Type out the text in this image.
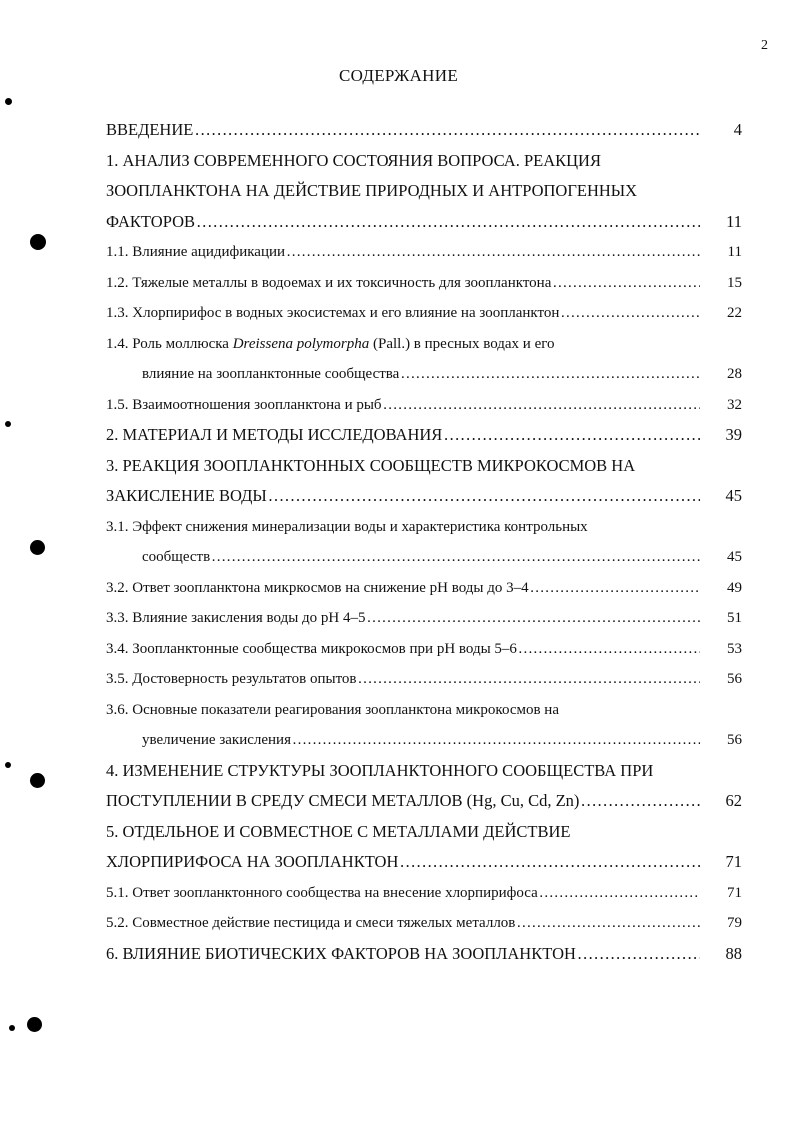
2
СОДЕРЖАНИЕ
ВВЕДЕНИЕ ……………………………………………………………………………………………………………………………………	4
1. АНАЛИЗ СОВРЕМЕННОГО СОСТОЯНИЯ ВОПРОСА. РЕАКЦИЯ
ЗООПЛАНКТОНА НА ДЕЙСТВИЕ ПРИРОДНЫХ И АНТРОПОГЕННЫХ
ФАКТОРОВ ……………………………………………………………………………………………………………………………………	11
1.1. Влияние ацидификации ……………………………………………………………………………………………………………………………………	11
1.2. Тяжелые металлы в водоемах и их токсичность для зоопланктона ……………………………………………………………………………………………………………………………………	15
1.3. Хлорпирифос в водных экосистемах и его влияние на зоопланктон ……………………………………………………………………………………………………………………………………	22
1.4. Роль моллюска Dreissena polymorpha (Pall.) в пресных водах и его
влияние на зоопланктонные сообщества ……………………………………………………………………………………………………………………………………	28
1.5. Взаимоотношения зоопланктона и рыб ……………………………………………………………………………………………………………………………………	32
2. МАТЕРИАЛ И МЕТОДЫ ИССЛЕДОВАНИЯ ……………………………………………………………………………………………………………………………………	39
3. РЕАКЦИЯ ЗООПЛАНКТОННЫХ СООБЩЕСТВ МИКРОКОСМОВ НА
ЗАКИСЛЕНИЕ ВОДЫ ……………………………………………………………………………………………………………………………………	45
3.1. Эффект снижения минерализации воды и характеристика контрольных
сообществ ……………………………………………………………………………………………………………………………………	45
3.2. Ответ зоопланктона микркосмов на снижение pH воды до 3–4 ……………………………………………………………………………………………………………………………………	49
3.3. Влияние закисления воды до pH 4–5 ……………………………………………………………………………………………………………………………………	51
3.4. Зоопланктонные сообщества микрокосмов при pH воды 5–6 ……………………………………………………………………………………………………………………………………	53
3.5. Достоверность результатов опытов ……………………………………………………………………………………………………………………………………	56
3.6. Основные показатели реагирования зоопланктона микрокосмов на
увеличение закисления ……………………………………………………………………………………………………………………………………	56
4. ИЗМЕНЕНИЕ СТРУКТУРЫ ЗООПЛАНКТОННОГО СООБЩЕСТВА ПРИ
ПОСТУПЛЕНИИ В СРЕДУ СМЕСИ МЕТАЛЛОВ (Hg, Cu, Cd, Zn) ……………………………………………………………………………………………………………………………………	62
5. ОТДЕЛЬНОЕ И СОВМЕСТНОЕ С МЕТАЛЛАМИ ДЕЙСТВИЕ
ХЛОРПИРИФОСА НА ЗООПЛАНКТОН ……………………………………………………………………………………………………………………………………	71
5.1. Ответ зоопланктонного сообщества на внесение хлорпирифоса ……………………………………………………………………………………………………………………………………	71
5.2. Совместное действие пестицида и смеси тяжелых металлов ……………………………………………………………………………………………………………………………………	79
6. ВЛИЯНИЕ БИОТИЧЕСКИХ ФАКТОРОВ НА ЗООПЛАНКТОН ……………………………………………………………………………………………………………………………………	88
